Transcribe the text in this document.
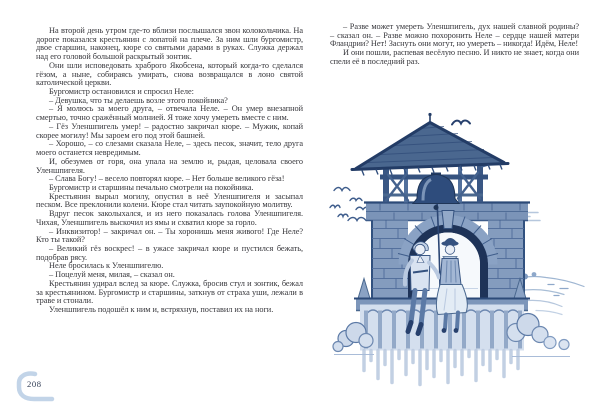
На второй день утром где-то вблизи послышался звон колокольчика. На дороге показался крестьянин с лопатой на плече. За ним шли бургомистр, двое старшин, наконец, кюре со святыми дарами в руках. Служка держал над его головой большой раскрытый зонтик.

Они шли исповедовать храброго Якобсена, который когда-то сделался гёзом, а ныне, собираясь умирать, снова возвращался в лоно святой католической церкви.

Бургомистр остановился и спросил Неле:

– Девушка, что ты делаешь возле этого покойника?

– Я молюсь за моего друга, – отвечала Неле. – Он умер внезапной смертью, точно сражённый молнией. Я тоже хочу умереть вместе с ним.

– Гёз Уленшпигель умер! – радостно закричал кюре. – Мужик, копай скорее могилу! Мы зароем его под этой башней.

– Хорошо, – со слезами сказала Неле, – здесь песок, значит, тело друга моего останется невредимым.

И, обезумев от горя, она упала на землю и, рыдая, целовала своего Уленшпигеля.

– Слава Богу! – весело повторял кюре. – Нет больше великого гёза!

Бургомистр и старшины печально смотрели на покойника.

Крестьянин вырыл могилу, опустил в неё Уленшпигеля и засыпал песком. Все преклонили колени. Кюре стал читать заупокойную молитву.

Вдруг песок заколыхался, и из него показалась голова Уленшпигеля. Чихая, Уленшпигель выскочил из ямы и схватил кюре за горло.

– Инквизитор! – закричал он. – Ты хоронишь меня живого! Где Неле? Кто ты такой?

– Великий гёз воскрес! – в ужасе закричал кюре и пустился бежать, подобрав рясу.

Неле бросилась к Уленшпигелю.

– Поцелуй меня, милая, – сказал он.

Крестьянин удирал вслед за кюре. Служка, бросив стул и зонтик, бежал за крестьянином. Бургомистр и старшины, заткнув от страха уши, лежали в траве и стонали.

Уленшпигель подошёл к ним и, встряхнув, поставил их на ноги.

208

– Разве может умереть Уленшпигель, дух нашей славной родины? – сказал он. – Разве можно похоронить Неле – сердце нашей матери Фландрии? Нет! Заснуть они могут, но умереть – никогда! Идём, Неле!

И они пошли, распевая весёлую песню. И никто не знает, когда они спели её в последний раз.
